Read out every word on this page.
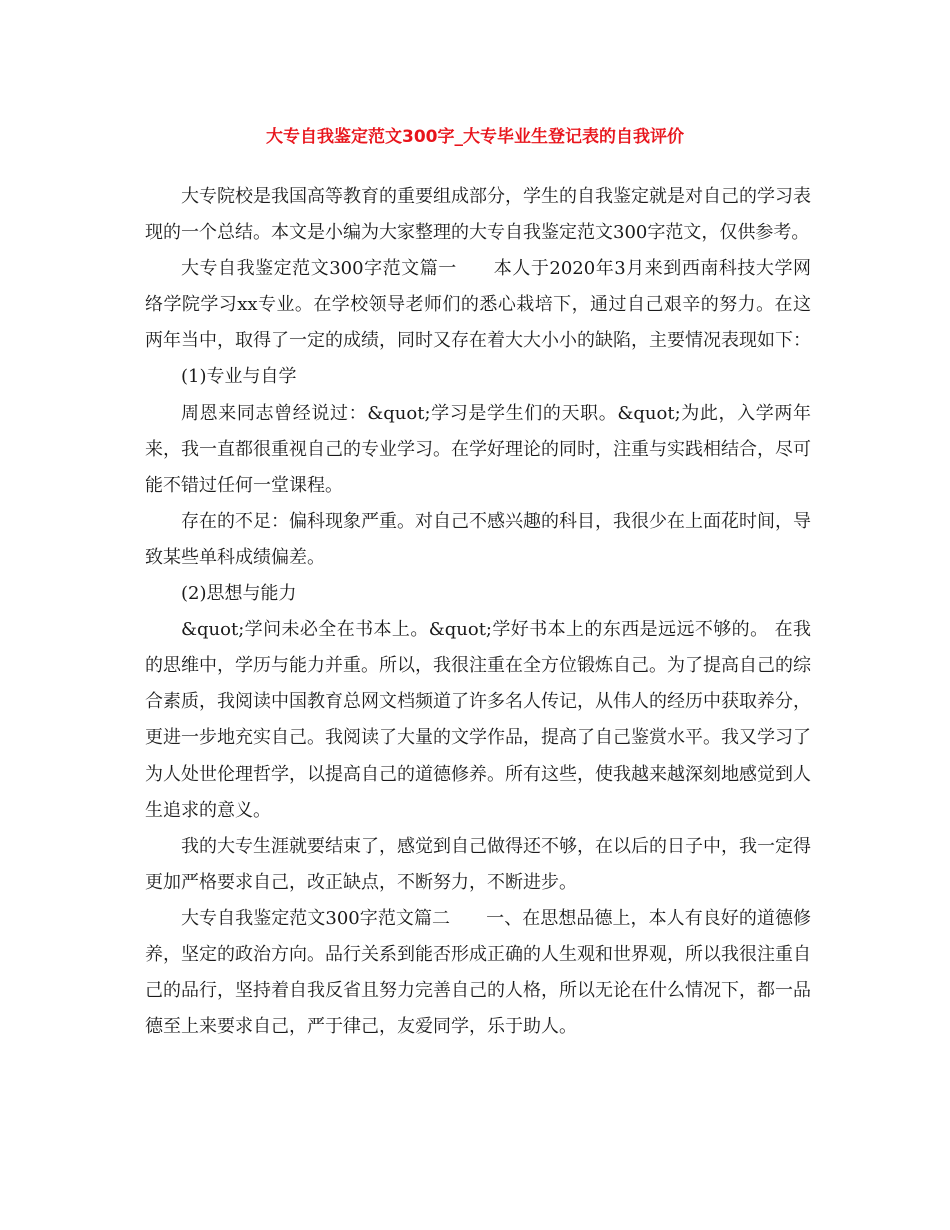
大专自我鉴定范文300字_大专毕业生登记表的自我评价

大专院校是我国高等教育的重要组成部分，学生的自我鉴定就是对自己的学习表现的一个总结。本文是小编为大家整理的大专自我鉴定范文300字范文，仅供参考。

大专自我鉴定范文300字范文篇一　　本人于2020年3月来到西南科技大学网络学院学习xx专业。在学校领导老师们的悉心栽培下，通过自己艰辛的努力。在这两年当中，取得了一定的成绩，同时又存在着大大小小的缺陷，主要情况表现如下：

(1)专业与自学

周恩来同志曾经说过：&quot;学习是学生们的天职。&quot;为此，入学两年来，我一直都很重视自己的专业学习。在学好理论的同时，注重与实践相结合，尽可能不错过任何一堂课程。

存在的不足：偏科现象严重。对自己不感兴趣的科目，我很少在上面花时间，导致某些单科成绩偏差。

(2)思想与能力

&quot;学问未必全在书本上。&quot;学好书本上的东西是远远不够的。 在我的思维中，学历与能力并重。所以，我很注重在全方位锻炼自己。为了提高自己的综合素质，我阅读中国教育总网文档频道了许多名人传记，从伟人的经历中获取养分，更进一步地充实自己。我阅读了大量的文学作品，提高了自己鉴赏水平。我又学习了为人处世伦理哲学，以提高自己的道德修养。所有这些，使我越来越深刻地感觉到人生追求的意义。

我的大专生涯就要结束了，感觉到自己做得还不够，在以后的日子中，我一定得更加严格要求自己，改正缺点，不断努力，不断进步。

大专自我鉴定范文300字范文篇二　　一、在思想品德上，本人有良好的道德修养，坚定的政治方向。品行关系到能否形成正确的人生观和世界观，所以我很注重自己的品行，坚持着自我反省且努力完善自己的人格，所以无论在什么情况下，都一品德至上来要求自己，严于律己，友爱同学，乐于助人。
